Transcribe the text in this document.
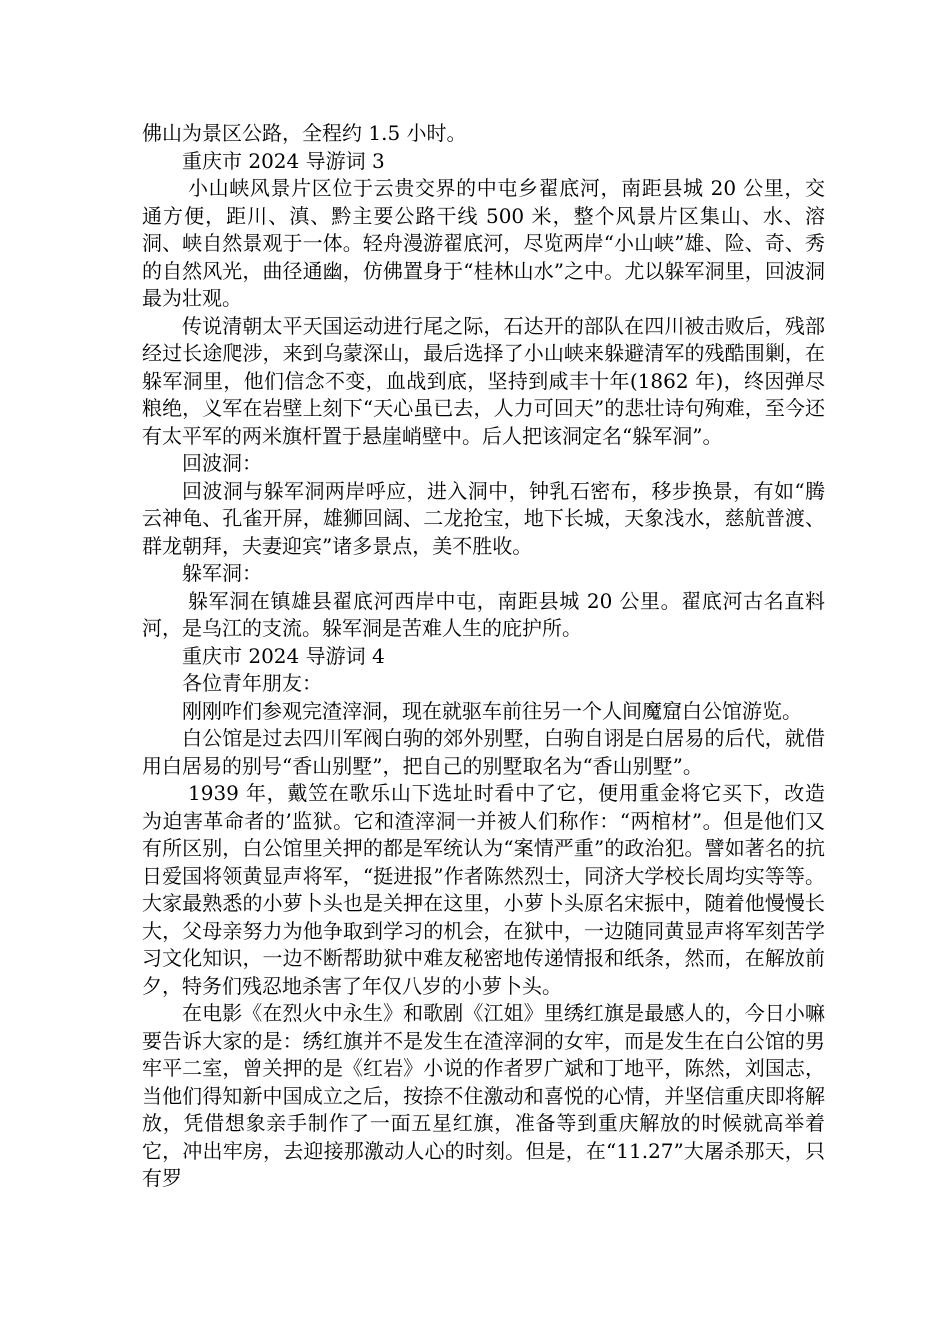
佛山为景区公路，全程约 1.5 小时。

重庆市 2024 导游词 3

小山峡风景片区位于云贵交界的中屯乡翟底河，南距县城 20 公里，交通方便，距川、滇、黔主要公路干线 500 米，整个风景片区集山、水、溶洞、峡自然景观于一体。轻舟漫游翟底河，尽览两岸“小山峡”雄、险、奇、秀的自然风光，曲径通幽，仿佛置身于“桂林山水”之中。尤以躲军洞里，回波洞最为壮观。

传说清朝太平天国运动进行尾之际，石达开的部队在四川被击败后，残部经过长途爬涉，来到乌蒙深山，最后选择了小山峡来躲避清军的残酷围剿，在躲军洞里，他们信念不变，血战到底，坚持到咸丰十年(1862 年)，终因弹尽粮绝，义军在岩壁上刻下“天心虽已去，人力可回天”的悲壮诗句殉难，至今还有太平军的两米旗杆置于悬崖峭壁中。后人把该洞定名“躲军洞”。

回波洞：

回波洞与躲军洞两岸呼应，进入洞中，钟乳石密布，移步换景，有如“腾云神龟、孔雀开屏，雄狮回阔、二龙抢宝，地下长城，天象浅水，慈航普渡、群龙朝拜，夫妻迎宾”诸多景点，美不胜收。

躲军洞：

躲军洞在镇雄县翟底河西岸中屯，南距县城 20 公里。翟底河古名直料河，是乌江的支流。躲军洞是苦难人生的庇护所。

重庆市 2024 导游词 4

各位青年朋友：

刚刚咋们参观完渣滓洞，现在就驱车前往另一个人间魔窟白公馆游览。

白公馆是过去四川军阀白驹的郊外别墅，白驹自诩是白居易的后代，就借用白居易的别号“香山别墅”，把自己的别墅取名为“香山别墅”。

1939 年，戴笠在歌乐山下选址时看中了它，便用重金将它买下，改造为迫害革命者的’监狱。它和渣滓洞一并被人们称作：“两棺材”。但是他们又有所区别，白公馆里关押的都是军统认为“案情严重”的政治犯。譬如著名的抗日爱国将领黄显声将军，“挺进报”作者陈然烈士，同济大学校长周均实等等。大家最熟悉的小萝卜头也是关押在这里，小萝卜头原名宋振中，随着他慢慢长大，父母亲努力为他争取到学习的机会，在狱中，一边随同黄显声将军刻苦学习文化知识，一边不断帮助狱中难友秘密地传递情报和纸条，然而，在解放前夕，特务们残忍地杀害了年仅八岁的小萝卜头。

在电影《在烈火中永生》和歌剧《江姐》里绣红旗是最感人的，今日小嘛要告诉大家的是：绣红旗并不是发生在渣滓洞的女牢，而是发生在白公馆的男牢平二室，曾关押的是《红岩》小说的作者罗广斌和丁地平，陈然，刘国志，当他们得知新中国成立之后，按捺不住激动和喜悦的心情，并坚信重庆即将解放，凭借想象亲手制作了一面五星红旗，准备等到重庆解放的时候就高举着它，冲出牢房，去迎接那激动人心的时刻。但是，在“11.27”大屠杀那天，只有罗
